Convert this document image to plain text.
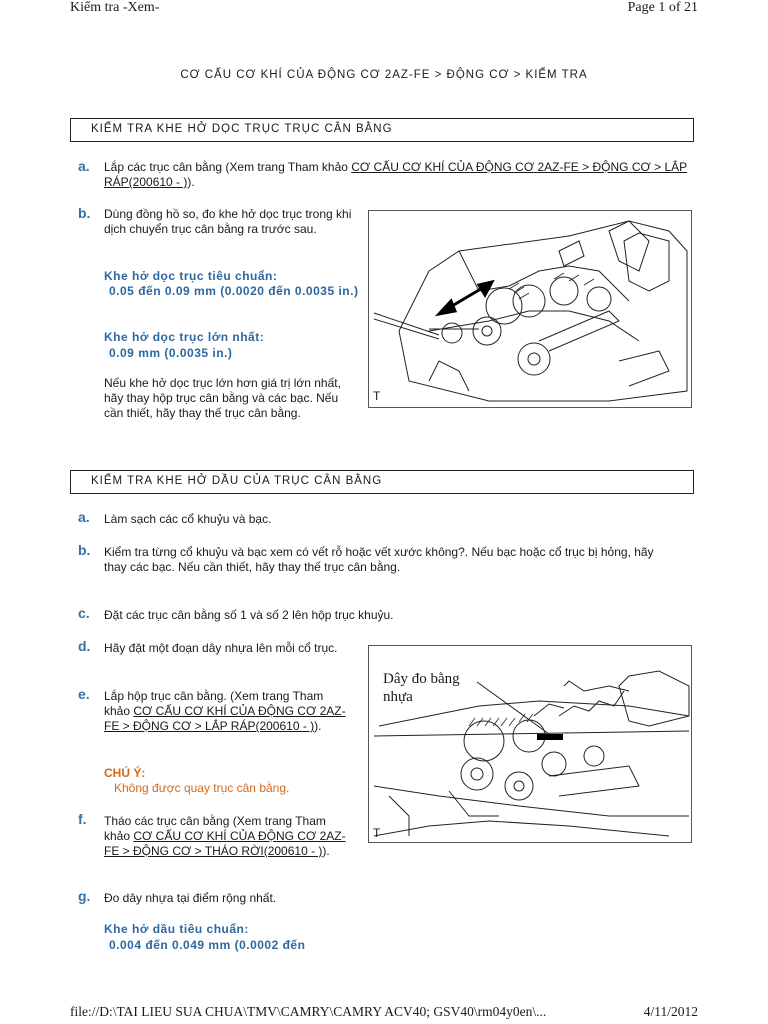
Kiểm tra -Xem-	Page 1 of 21
CƠ CẤU CƠ KHÍ CỦA ĐỘNG CƠ 2AZ-FE > ĐỘNG CƠ > KIỂM TRA
KIỂM TRA KHE HỞ DỌC TRỤC TRỤC CÂN BẰNG
a. Lắp các trục cân bằng (Xem trang Tham khảo CƠ CẤU CƠ KHÍ CỦA ĐỘNG CƠ 2AZ-FE > ĐỘNG CƠ > LẮP RÁP(200610 - )).
b. Dùng đồng hồ so, đo khe hở dọc trục trong khi dịch chuyển trục cân bằng ra trước sau.
Khe hở dọc trục tiêu chuẩn:
0.05 đến 0.09 mm (0.0020 đến 0.0035 in.)
Khe hở dọc trục lớn nhất:
0.09 mm (0.0035 in.)
Nếu khe hở dọc trục lớn hơn giá trị lớn nhất, hãy thay hộp trục cân bằng và các bạc. Nếu cần thiết, hãy thay thế trục cân bằng.
T
KIỂM TRA KHE HỞ DẦU CỦA TRỤC CÂN BẰNG
a. Làm sạch các cổ khuỷu và bạc.
b. Kiểm tra từng cổ khuỷu và bạc xem có vết rỗ hoặc vết xước không?. Nếu bạc hoặc cổ trục bị hỏng, hãy thay các bạc. Nếu cần thiết, hãy thay thế trục cân bằng.
c. Đặt các trục cân bằng số 1 và số 2 lên hộp trục khuỷu.
d. Hãy đặt một đoạn dây nhựa lên mỗi cổ trục.
e. Lắp hộp trục cân bằng. (Xem trang Tham khảo CƠ CẤU CƠ KHÍ CỦA ĐỘNG CƠ 2AZ-FE > ĐỘNG CƠ > LẮP RÁP(200610 - )).
CHÚ Ý:
Không được quay trục cân bằng.
f. Tháo các trục cân bằng (Xem trang Tham khảo CƠ CẤU CƠ KHÍ CỦA ĐỘNG CƠ 2AZ-FE > ĐỘNG CƠ > THÁO RỜI(200610 - )).
g. Đo dây nhựa tại điểm rộng nhất.
Khe hở dầu tiêu chuẩn:
0.004 đến 0.049 mm (0.0002 đến
Dây đo bằng nhựa
T
file://D:\TAI LIEU SUA CHUA\TMV\CAMRY\CAMRY ACV40; GSV40\rm04y0en\...	4/11/2012
